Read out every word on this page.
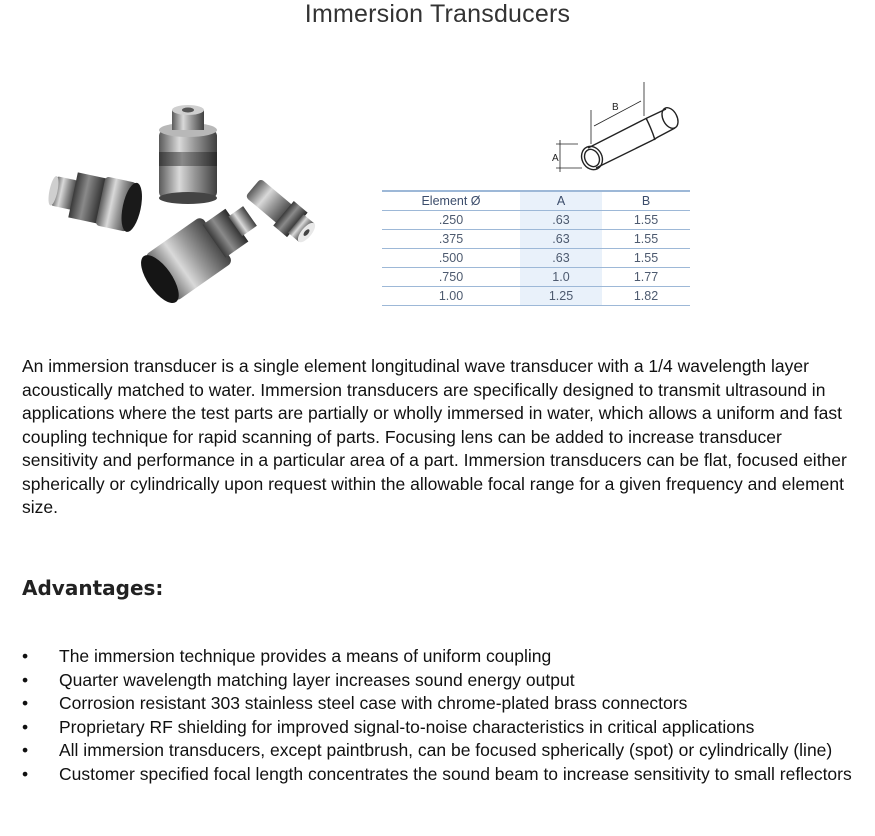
Immersion Transducers
B
A
Element Ø	A	B
.250	.63	1.55
.375	.63	1.55
.500	.63	1.55
.750	1.0	1.77
1.00	1.25	1.82
An immersion transducer is a single element longitudinal wave transducer with a 1/4 wavelength layer acoustically matched to water. Immersion transducers are specifically designed to transmit ultrasound in applications where the test parts are partially or wholly immersed in water, which allows a uniform and fast coupling technique for rapid scanning of parts. Focusing lens can be added to increase transducer sensitivity and performance in a particular area of a part. Immersion transducers can be flat, focused either spherically or cylindrically upon request within the allowable focal range for a given frequency and element size.
Advantages:
•	The immersion technique provides a means of uniform coupling
•	Quarter wavelength matching layer increases sound energy output
•	Corrosion resistant 303 stainless steel case with chrome-plated brass connectors
•	Proprietary RF shielding for improved signal-to-noise characteristics in critical applications
•	All immersion transducers, except paintbrush, can be focused spherically (spot) or cylindrically (line)
•	Customer specified focal length concentrates the sound beam to increase sensitivity to small reflectors
